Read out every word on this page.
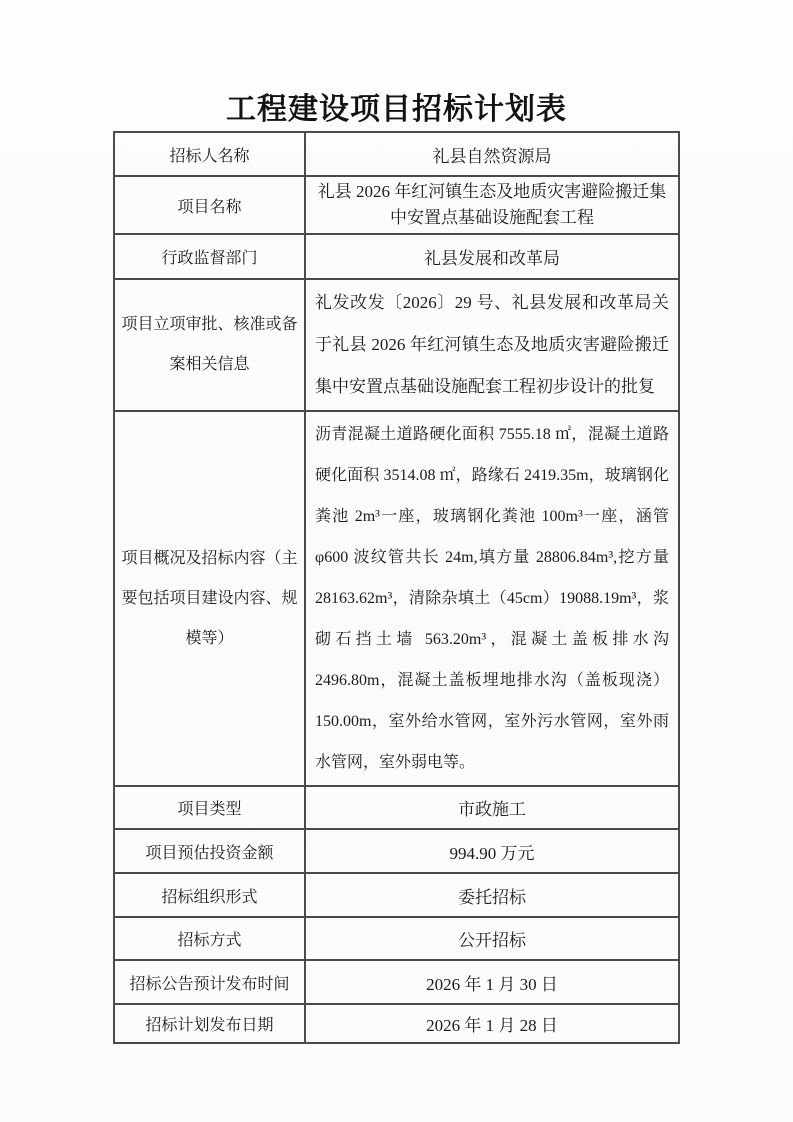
工程建设项目招标计划表
招标人名称	礼县自然资源局
项目名称	礼县 2026 年红河镇生态及地质灾害避险搬迁集中安置点基础设施配套工程
行政监督部门	礼县发展和改革局
项目立项审批、核准或备案相关信息	礼发改发〔2026〕29 号、礼县发展和改革局关于礼县 2026 年红河镇生态及地质灾害避险搬迁集中安置点基础设施配套工程初步设计的批复
项目概况及招标内容（主要包括项目建设内容、规模等）	沥青混凝土道路硬化面积 7555.18 ㎡，混凝土道路硬化面积 3514.08 ㎡，路缘石 2419.35m，玻璃钢化粪池 2m³一座，玻璃钢化粪池 100m³一座，涵管 φ600 波纹管共长 24m,填方量 28806.84m³,挖方量 28163.62m³，清除杂填土（45cm）19088.19m³，浆砌石挡土墙 563.20m³，混凝土盖板排水沟 2496.80m，混凝土盖板埋地排水沟（盖板现浇）150.00m，室外给水管网，室外污水管网，室外雨水管网，室外弱电等。
项目类型	市政施工
项目预估投资金额	994.90 万元
招标组织形式	委托招标
招标方式	公开招标
招标公告预计发布时间	2026 年 1 月 30 日
招标计划发布日期	2026 年 1 月 28 日
